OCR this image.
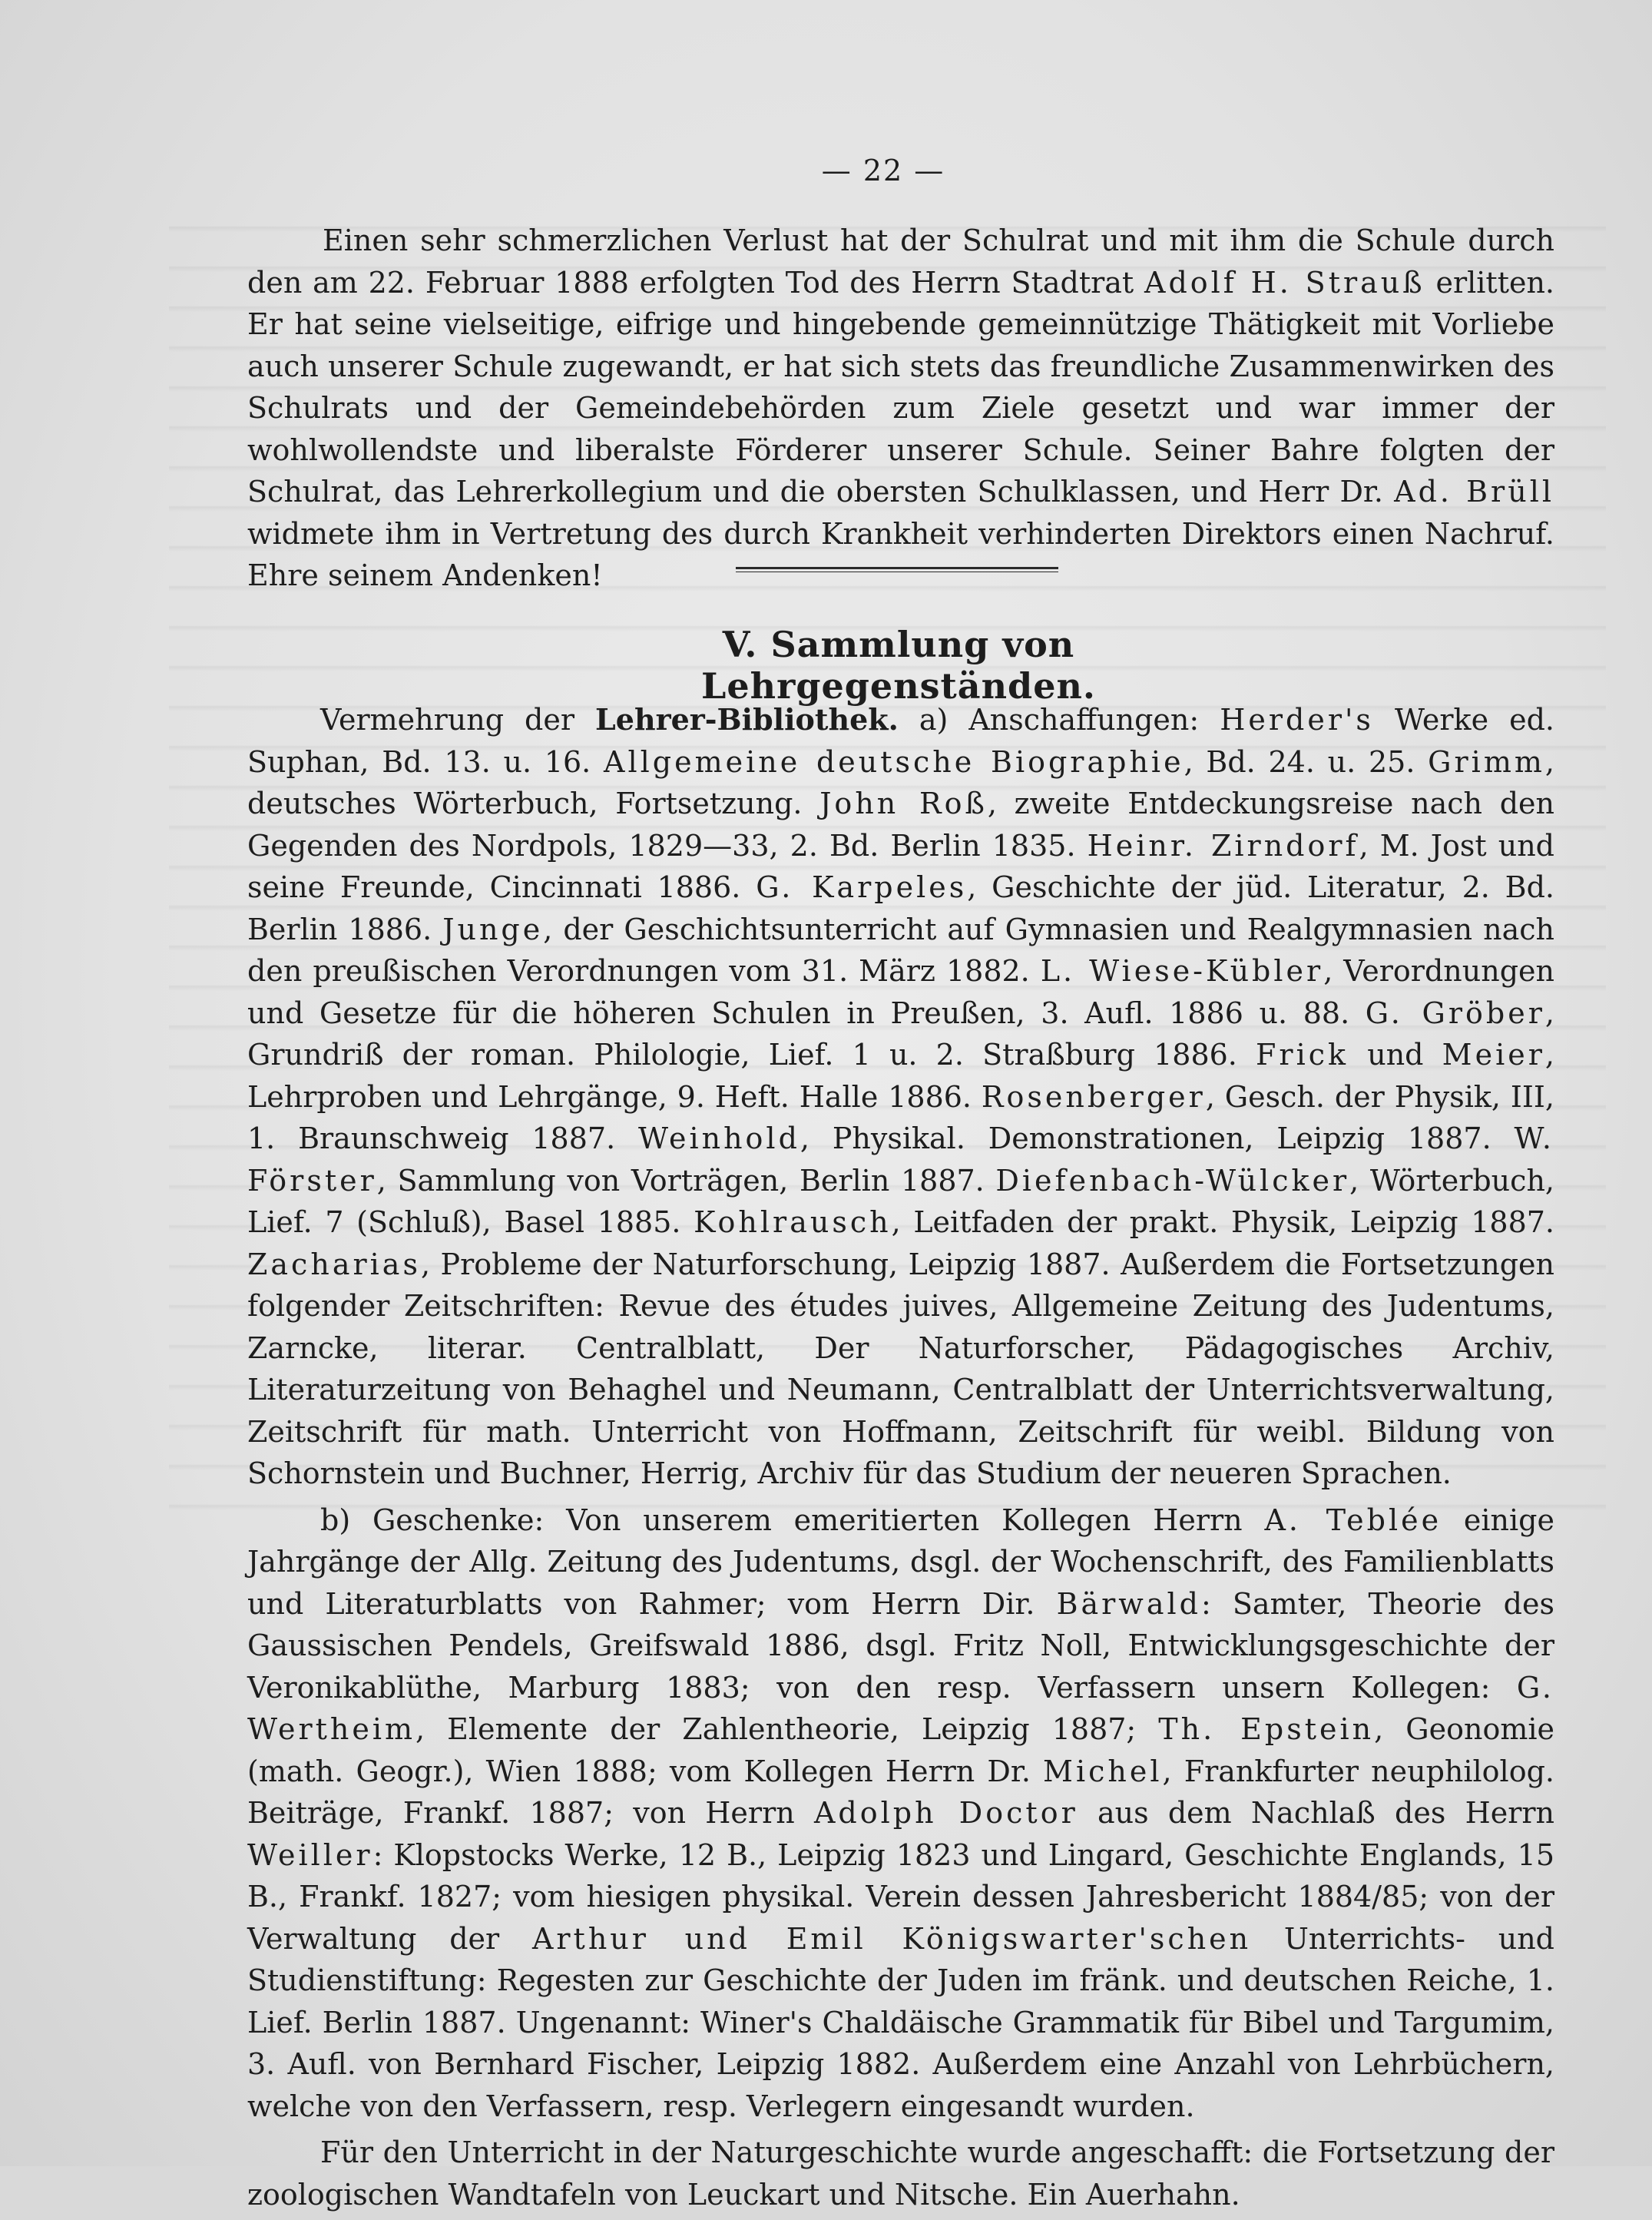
— 22 —

Einen sehr schmerzlichen Verlust hat der Schulrat und mit ihm die Schule durch den am 22. Februar 1888 erfolgten Tod des Herrn Stadtrat Adolf H. Strauß erlitten. Er hat seine vielseitige, eifrige und hingebende gemeinnützige Thätigkeit mit Vorliebe auch unserer Schule zugewandt, er hat sich stets das freundliche Zusammenwirken des Schulrats und der Gemeindebehörden zum Ziele gesetzt und war immer der wohlwollendste und liberalste Förderer unserer Schule. Seiner Bahre folgten der Schulrat, das Lehrerkollegium und die obersten Schulklassen, und Herr Dr. Ad. Brüll widmete ihm in Vertretung des durch Krankheit verhinderten Direktors einen Nachruf. Ehre seinem Andenken!

V. Sammlung von Lehrgegenständen.

Vermehrung der Lehrer-Bibliothek. a) Anschaffungen: Herder's Werke ed. Suphan, Bd. 13. u. 16. Allgemeine deutsche Biographie, Bd. 24. u. 25. Grimm, deutsches Wörterbuch, Fortsetzung. John Roß, zweite Entdeckungsreise nach den Gegenden des Nordpols, 1829—33, 2. Bd. Berlin 1835. Heinr. Zirndorf, M. Jost und seine Freunde, Cincinnati 1886. G. Karpeles, Geschichte der jüd. Literatur, 2. Bd. Berlin 1886. Junge, der Geschichtsunterricht auf Gymnasien und Realgymnasien nach den preußischen Verordnungen vom 31. März 1882. L. Wiese-Kübler, Verordnungen und Gesetze für die höheren Schulen in Preußen, 3. Aufl. 1886 u. 88. G. Gröber, Grundriß der roman. Philologie, Lief. 1 u. 2. Straßburg 1886. Frick und Meier, Lehrproben und Lehrgänge, 9. Heft. Halle 1886. Rosenberger, Gesch. der Physik, III, 1. Braunschweig 1887. Weinhold, Physikal. Demonstrationen, Leipzig 1887. W. Förster, Sammlung von Vorträgen, Berlin 1887. Diefenbach-Wülcker, Wörterbuch, Lief. 7 (Schluß), Basel 1885. Kohlrausch, Leitfaden der prakt. Physik, Leipzig 1887. Zacharias, Probleme der Naturforschung, Leipzig 1887. Außerdem die Fortsetzungen folgender Zeitschriften: Revue des études juives, Allgemeine Zeitung des Judentums, Zarncke, literar. Centralblatt, Der Naturforscher, Pädagogisches Archiv, Literaturzeitung von Behaghel und Neumann, Centralblatt der Unterrichtsverwaltung, Zeitschrift für math. Unterricht von Hoffmann, Zeitschrift für weibl. Bildung von Schornstein und Buchner, Herrig, Archiv für das Studium der neueren Sprachen.

b) Geschenke: Von unserem emeritierten Kollegen Herrn A. Teblée einige Jahrgänge der Allg. Zeitung des Judentums, dsgl. der Wochenschrift, des Familienblatts und Literaturblatts von Rahmer; vom Herrn Dir. Bärwald: Samter, Theorie des Gaussischen Pendels, Greifswald 1886, dsgl. Fritz Noll, Entwicklungsgeschichte der Veronikablüthe, Marburg 1883; von den resp. Verfassern unsern Kollegen: G. Wertheim, Elemente der Zahlentheorie, Leipzig 1887; Th. Epstein, Geonomie (math. Geogr.), Wien 1888; vom Kollegen Herrn Dr. Michel, Frankfurter neuphilolog. Beiträge, Frankf. 1887; von Herrn Adolph Doctor aus dem Nachlaß des Herrn Weiller: Klopstocks Werke, 12 B., Leipzig 1823 und Lingard, Geschichte Englands, 15 B., Frankf. 1827; vom hiesigen physikal. Verein dessen Jahresbericht 1884/85; von der Verwaltung der Arthur und Emil Königswarter'schen Unterrichts- und Studienstiftung: Regesten zur Geschichte der Juden im fränk. und deutschen Reiche, 1. Lief. Berlin 1887. Ungenannt: Winer's Chaldäische Grammatik für Bibel und Targumim, 3. Aufl. von Bernhard Fischer, Leipzig 1882. Außerdem eine Anzahl von Lehrbüchern, welche von den Verfassern, resp. Verlegern eingesandt wurden.

Für den Unterricht in der Naturgeschichte wurde angeschafft: die Fortsetzung der zoologischen Wandtafeln von Leuckart und Nitsche. Ein Auerhahn.
